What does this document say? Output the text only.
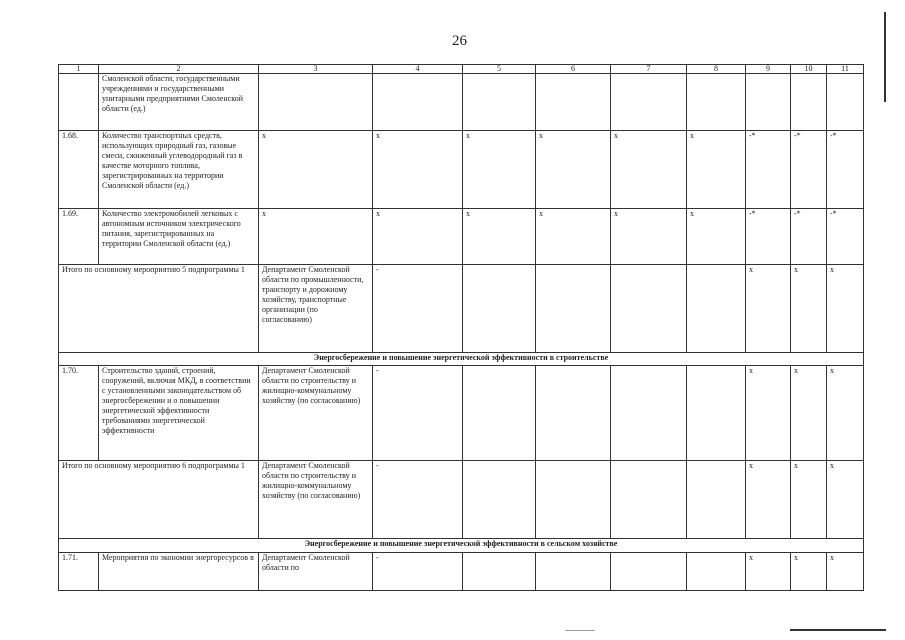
26
1	2	3	4	5	6	7	8	9	10	11
	Смоленской области, государственными учреждениями и государственными унитарными предприятиями Смоленской области (ед.)									
1.68.	Количество транспортных средств, использующих природный газ, газовые смеси, сжиженный углеводородный газ в качестве моторного топлива, зарегистрированных на территории Смоленской области (ед.)	x	x	x	x	x	x	-*	-*	-*
1.69.	Количество электромобилей легковых с автономным источником электрического питания, зарегистрированных на территории Смоленской области (ед.)	x	x	x	x	x	x	-*	-*	-*
Итого по основному мероприятию 5 подпрограммы 1		Департамент Смоленской области по промышленности, транспорту и дорожному хозяйству, транспортные организации (по согласованию)	-					x	x	x
Энергосбережение и повышение энергетической эффективности в строительстве										
1.70.	Строительство зданий, строений, сооружений, включая МКД, в соответствии с установленными законодательством об энергосбережении и о повышении энергетической эффективности требованиями энергетической эффективности	Департамент Смоленской области по строительству и жилищно-коммунальному хозяйству (по согласованию)	-					x	x	x
Итого по основному мероприятию 6 подпрограммы 1		Департамент Смоленской области по строительству и жилищно-коммунальному хозяйству (по согласованию)	-					x	x	x
Энергосбережение и повышение энергетической эффективности в сельском хозяйстве										
1.71.	Мероприятия по экономии энергоресурсов в	Департамент Смоленской области по	-					x	x	x
